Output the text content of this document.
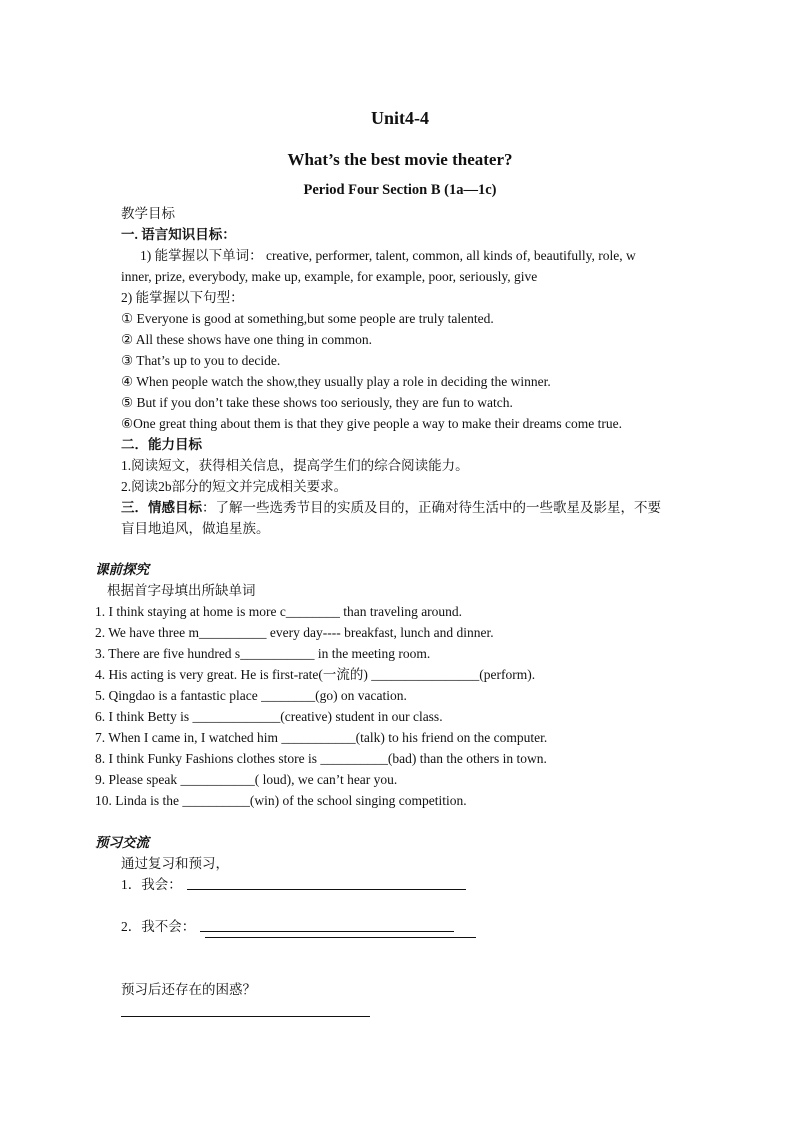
Unit4-4
What’s the best movie theater?
Period Four Section B (1a—1c)
教学目标
一. 语言知识目标：
1) 能掌握以下单词： creative, performer, talent, common, all kinds of, beautifully, role, w
inner, prize, everybody, make up, example, for example, poor, seriously, give
2) 能掌握以下句型：
① Everyone is good at something,but some people are truly talented.
② All these shows have one thing in common.
③ That’s up to you to decide.
④ When people watch the show,they usually play a role in deciding the winner.
⑤ But if you don’t take these shows too seriously, they are fun to watch.
⑥One great thing about them is that they give people a way to make their dreams come true.
二．能力目标
1.阅读短文，获得相关信息，提高学生们的综合阅读能力。
2.阅读2b部分的短文并完成相关要求。
三．情感目标：了解一些选秀节目的实质及目的，正确对待生活中的一些歌星及影星，不要
盲目地追风，做追星族。
课前探究
根据首字母填出所缺单词
1. I think staying at home is more c________ than traveling around.
2. We have three m__________ every day---- breakfast, lunch and dinner.
3. There are five hundred s___________ in the meeting room.
4. His acting is very great. He is first-rate(一流的) ________________(perform).
5. Qingdao is a fantastic place ________(go) on vacation.
6. I think Betty is _____________(creative) student in our class.
7. When I came in, I watched him ___________(talk) to his friend on the computer.
8. I think Funky Fashions clothes store is __________(bad) than the others in town.
9. Please speak ___________( loud), we can’t hear you.
10. Linda is the __________(win) of the school singing competition.
预习交流
通过复习和预习，
1．我会：
2．我不会：
预习后还存在的困惑？
